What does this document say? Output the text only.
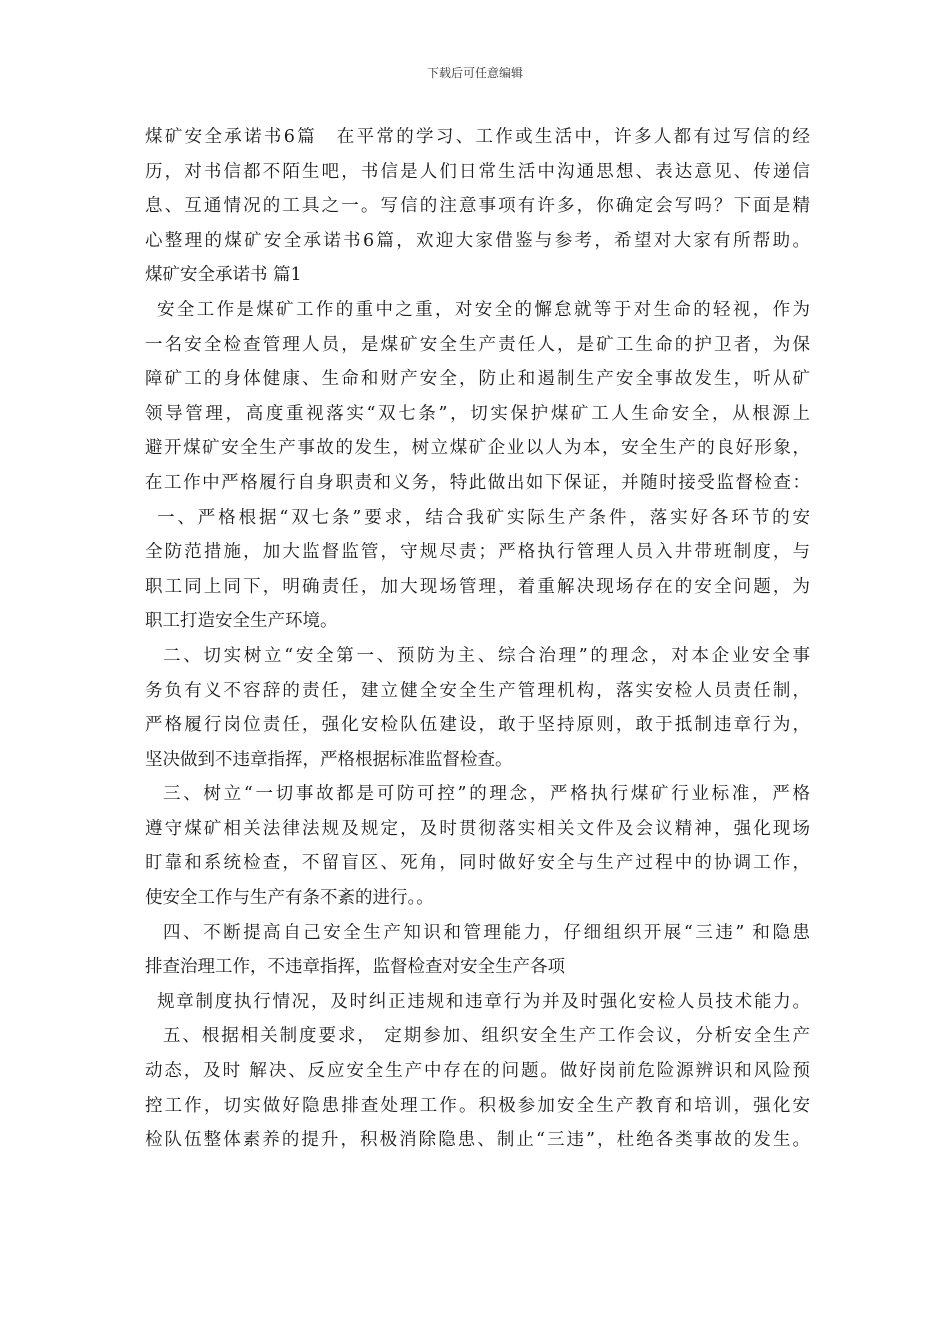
下载后可任意编辑
煤矿安全承诺书6篇　在平常的学习、工作或生活中，许多人都有过写信的经
历，对书信都不陌生吧，书信是人们日常生活中沟通思想、表达意见、传递信
息、互通情况的工具之一。写信的注意事项有许多，你确定会写吗？下面是精
心整理的煤矿安全承诺书6篇，欢迎大家借鉴与参考，希望对大家有所帮助。
煤矿安全承诺书 篇1
安全工作是煤矿工作的重中之重，对安全的懈怠就等于对生命的轻视，作为
一名安全检查管理人员，是煤矿安全生产责任人，是矿工生命的护卫者，为保
障矿工的身体健康、生命和财产安全，防止和遏制生产安全事故发生，听从矿
领导管理，高度重视落实“双七条”，切实保护煤矿工人生命安全，从根源上
避开煤矿安全生产事故的发生，树立煤矿企业以人为本，安全生产的良好形象，
在工作中严格履行自身职责和义务，特此做出如下保证，并随时接受监督检查：
一、严格根据“双七条”要求，结合我矿实际生产条件，落实好各环节的安
全防范措施，加大监督监管，守规尽责；严格执行管理人员入井带班制度，与
职工同上同下，明确责任，加大现场管理，着重解决现场存在的安全问题，为
职工打造安全生产环境。
二、切实树立“安全第一、预防为主、综合治理”的理念，对本企业安全事
务负有义不容辞的责任，建立健全安全生产管理机构，落实安检人员责任制，
严格履行岗位责任，强化安检队伍建设，敢于坚持原则，敢于抵制违章行为，
坚决做到不违章指挥，严格根据标准监督检查。
三、树立“一切事故都是可防可控”的理念，严格执行煤矿行业标准，严格
遵守煤矿相关法律法规及规定，及时贯彻落实相关文件及会议精神，强化现场
盯靠和系统检查，不留盲区、死角，同时做好安全与生产过程中的协调工作，
使安全工作与生产有条不紊的进行。。
四、不断提高自己安全生产知识和管理能力，仔细组织开展“三违” 和隐患
排查治理工作，不违章指挥，监督检查对安全生产各项
规章制度执行情况，及时纠正违规和违章行为并及时强化安检人员技术能力。
五、根据相关制度要求， 定期参加、组织安全生产工作会议，分析安全生产
动态，及时 解决、反应安全生产中存在的问题。做好岗前危险源辨识和风险预
控工作，切实做好隐患排查处理工作。积极参加安全生产教育和培训，强化安
检队伍整体素养的提升，积极消除隐患、制止“三违”，杜绝各类事故的发生。
